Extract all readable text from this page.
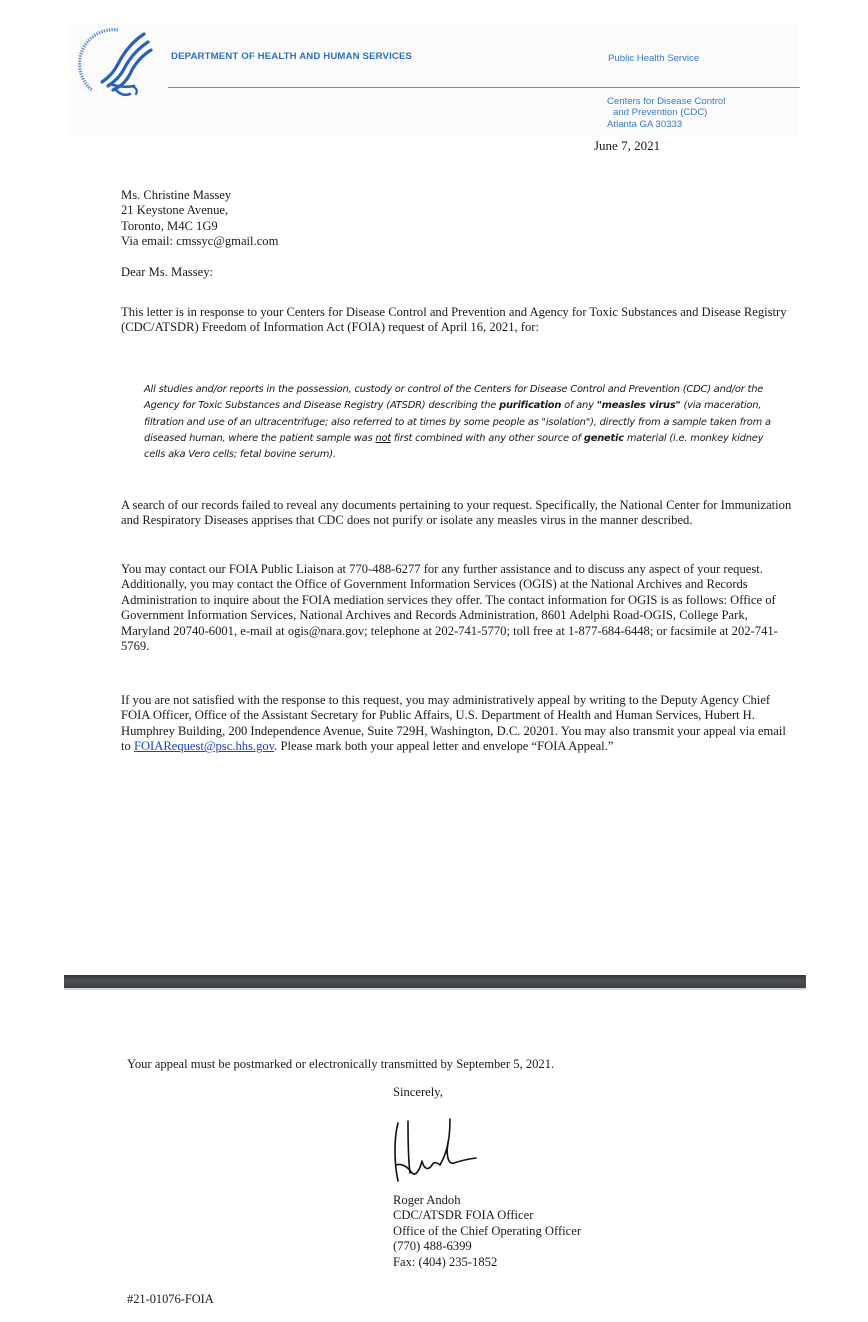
DEPARTMENT OF HEALTH AND HUMAN SERVICES	Public Health Service
Centers for Disease Control
and Prevention (CDC)
Atlanta GA 30333
June 7, 2021
Ms. Christine Massey
21 Keystone Avenue,
Toronto, M4C 1G9
Via email: cmssyc@gmail.com
Dear Ms. Massey:
This letter is in response to your Centers for Disease Control and Prevention and Agency for Toxic Substances and Disease Registry (CDC/ATSDR) Freedom of Information Act (FOIA) request of April 16, 2021, for:
All studies and/or reports in the possession, custody or control of the Centers for Disease Control and Prevention (CDC) and/or the Agency for Toxic Substances and Disease Registry (ATSDR) describing the purification of any "measles virus" (via maceration, filtration and use of an ultracentrifuge; also referred to at times by some people as "isolation"), directly from a sample taken from a diseased human, where the patient sample was not first combined with any other source of genetic material (i.e. monkey kidney cells aka Vero cells; fetal bovine serum).
A search of our records failed to reveal any documents pertaining to your request. Specifically, the National Center for Immunization and Respiratory Diseases apprises that CDC does not purify or isolate any measles virus in the manner described.
You may contact our FOIA Public Liaison at 770-488-6277 for any further assistance and to discuss any aspect of your request. Additionally, you may contact the Office of Government Information Services (OGIS) at the National Archives and Records Administration to inquire about the FOIA mediation services they offer. The contact information for OGIS is as follows: Office of Government Information Services, National Archives and Records Administration, 8601 Adelphi Road-OGIS, College Park, Maryland 20740-6001, e-mail at ogis@nara.gov; telephone at 202-741-5770; toll free at 1-877-684-6448; or facsimile at 202-741-5769.
If you are not satisfied with the response to this request, you may administratively appeal by writing to the Deputy Agency Chief FOIA Officer, Office of the Assistant Secretary for Public Affairs, U.S. Department of Health and Human Services, Hubert H. Humphrey Building, 200 Independence Avenue, Suite 729H, Washington, D.C. 20201. You may also transmit your appeal via email to FOIARequest@psc.hhs.gov. Please mark both your appeal letter and envelope “FOIA Appeal.”
Your appeal must be postmarked or electronically transmitted by September 5, 2021.
Sincerely,
Roger Andoh
CDC/ATSDR FOIA Officer
Office of the Chief Operating Officer
(770) 488-6399
Fax: (404) 235-1852
#21-01076-FOIA
